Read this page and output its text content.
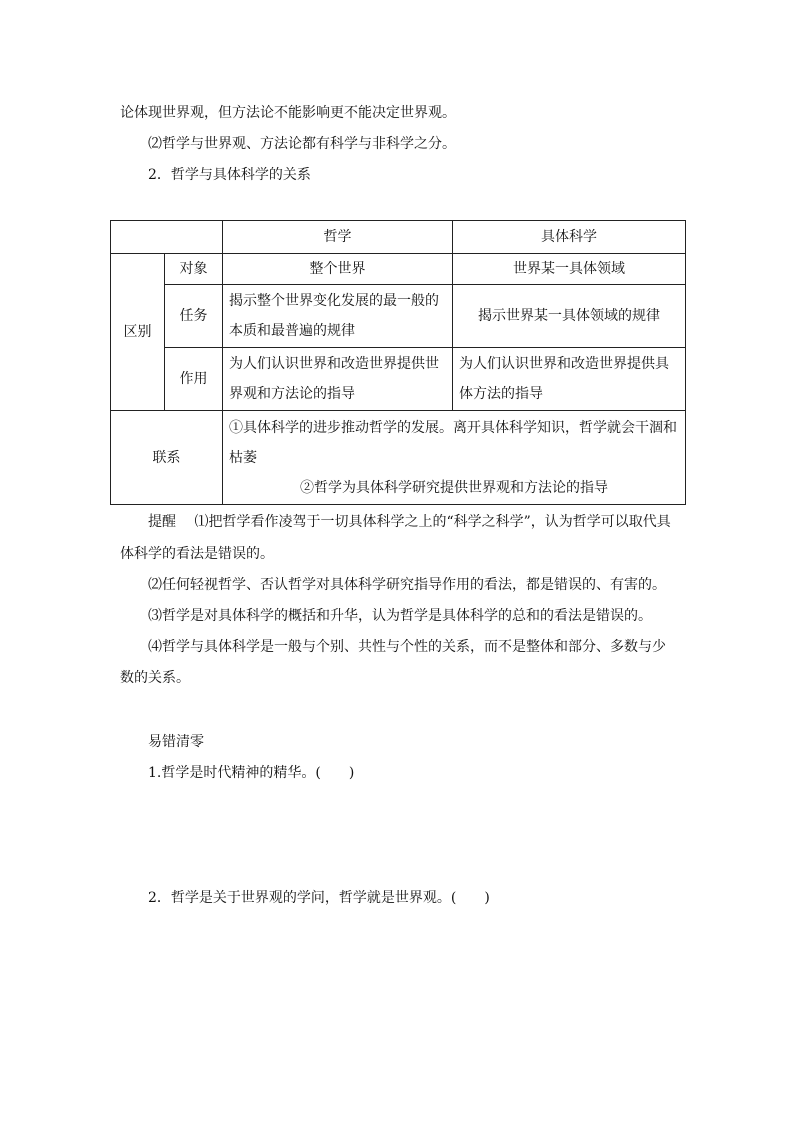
论体现世界观，但方法论不能影响更不能决定世界观。
⑵哲学与世界观、方法论都有科学与非科学之分。
2．哲学与具体科学的关系
		哲学	具体科学
区别	对象	整个世界	世界某一具体领域
	任务	揭示整个世界变化发展的最一般的本质和最普遍的规律	揭示世界某一具体领域的规律
	作用	为人们认识世界和改造世界提供世界观和方法论的指导	为人们认识世界和改造世界提供具体方法的指导
联系		①具体科学的进步推动哲学的发展。离开具体科学知识，哲学就会干涸和枯萎
②哲学为具体科学研究提供世界观和方法论的指导	
提醒 ⑴把哲学看作凌驾于一切具体科学之上的“科学之科学”，认为哲学可以取代具
体科学的看法是错误的。
⑵任何轻视哲学、否认哲学对具体科学研究指导作用的看法，都是错误的、有害的。
⑶哲学是对具体科学的概括和升华，认为哲学是具体科学的总和的看法是错误的。
⑷哲学与具体科学是一般与个别、共性与个性的关系，而不是整体和部分、多数与少
数的关系。
易错清零
1.哲学是时代精神的精华。(　　)
2．哲学是关于世界观的学问，哲学就是世界观。(　　)
